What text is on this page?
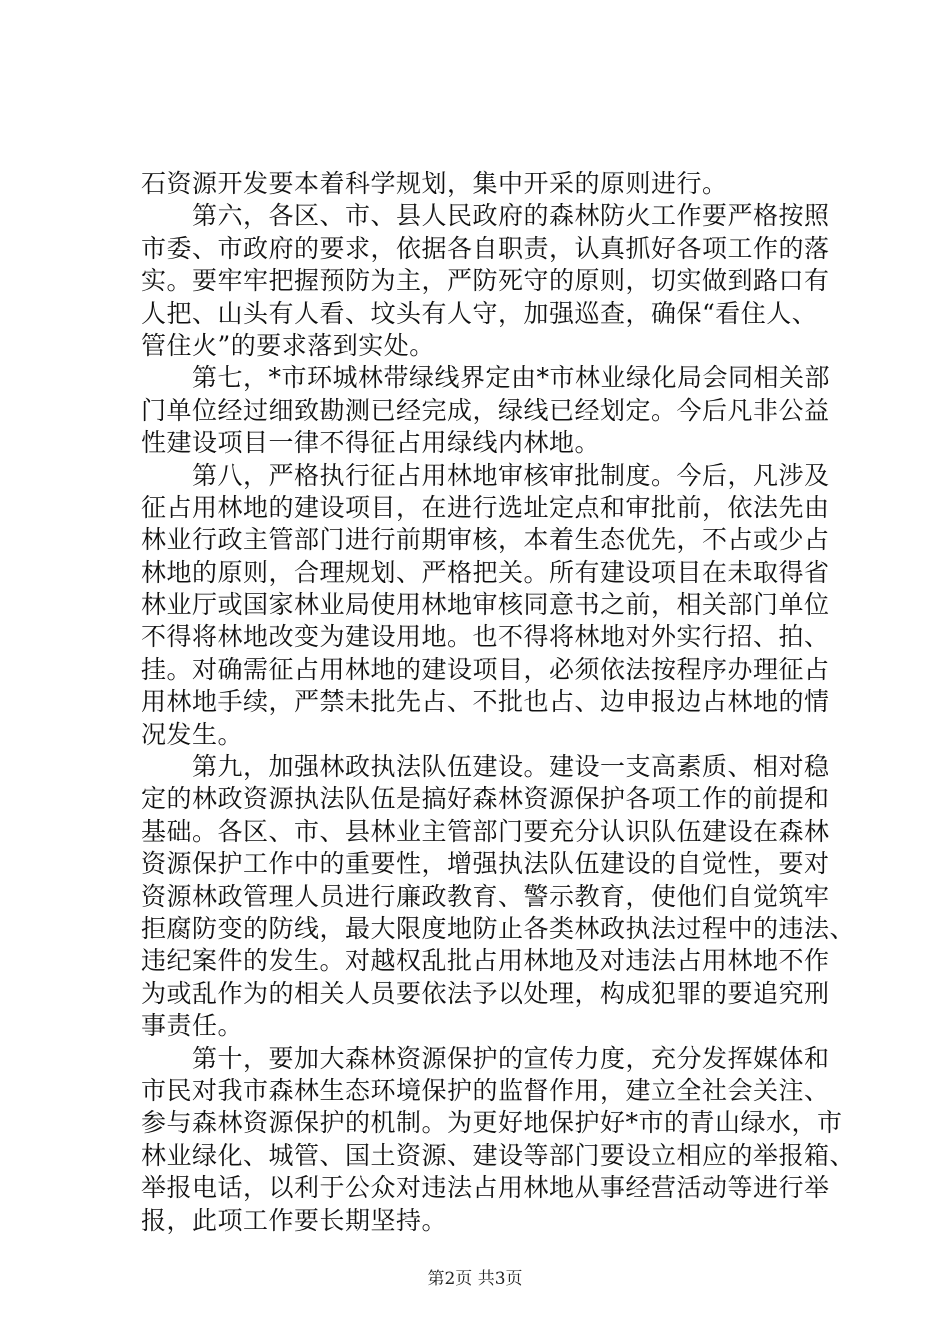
石资源开发要本着科学规划，集中开采的原则进行。
　　第六，各区、市、县人民政府的森林防火工作要严格按照
市委、市政府的要求，依据各自职责，认真抓好各项工作的落
实。要牢牢把握预防为主，严防死守的原则，切实做到路口有
人把、山头有人看、坟头有人守，加强巡查，确保“看住人、
管住火”的要求落到实处。
　　第七，*市环城林带绿线界定由*市林业绿化局会同相关部
门单位经过细致勘测已经完成，绿线已经划定。今后凡非公益
性建设项目一律不得征占用绿线内林地。
　　第八，严格执行征占用林地审核审批制度。今后，凡涉及
征占用林地的建设项目，在进行选址定点和审批前，依法先由
林业行政主管部门进行前期审核，本着生态优先，不占或少占
林地的原则，合理规划、严格把关。所有建设项目在未取得省
林业厅或国家林业局使用林地审核同意书之前，相关部门单位
不得将林地改变为建设用地。也不得将林地对外实行招、拍、
挂。对确需征占用林地的建设项目，必须依法按程序办理征占
用林地手续，严禁未批先占、不批也占、边申报边占林地的情
况发生。
　　第九，加强林政执法队伍建设。建设一支高素质、相对稳
定的林政资源执法队伍是搞好森林资源保护各项工作的前提和
基础。各区、市、县林业主管部门要充分认识队伍建设在森林
资源保护工作中的重要性，增强执法队伍建设的自觉性，要对
资源林政管理人员进行廉政教育、警示教育，使他们自觉筑牢
拒腐防变的防线，最大限度地防止各类林政执法过程中的违法、
违纪案件的发生。对越权乱批占用林地及对违法占用林地不作
为或乱作为的相关人员要依法予以处理，构成犯罪的要追究刑
事责任。
　　第十，要加大森林资源保护的宣传力度，充分发挥媒体和
市民对我市森林生态环境保护的监督作用，建立全社会关注、
参与森林资源保护的机制。为更好地保护好*市的青山绿水，市
林业绿化、城管、国土资源、建设等部门要设立相应的举报箱、
举报电话，以利于公众对违法占用林地从事经营活动等进行举
报，此项工作要长期坚持。
第2页 共3页
